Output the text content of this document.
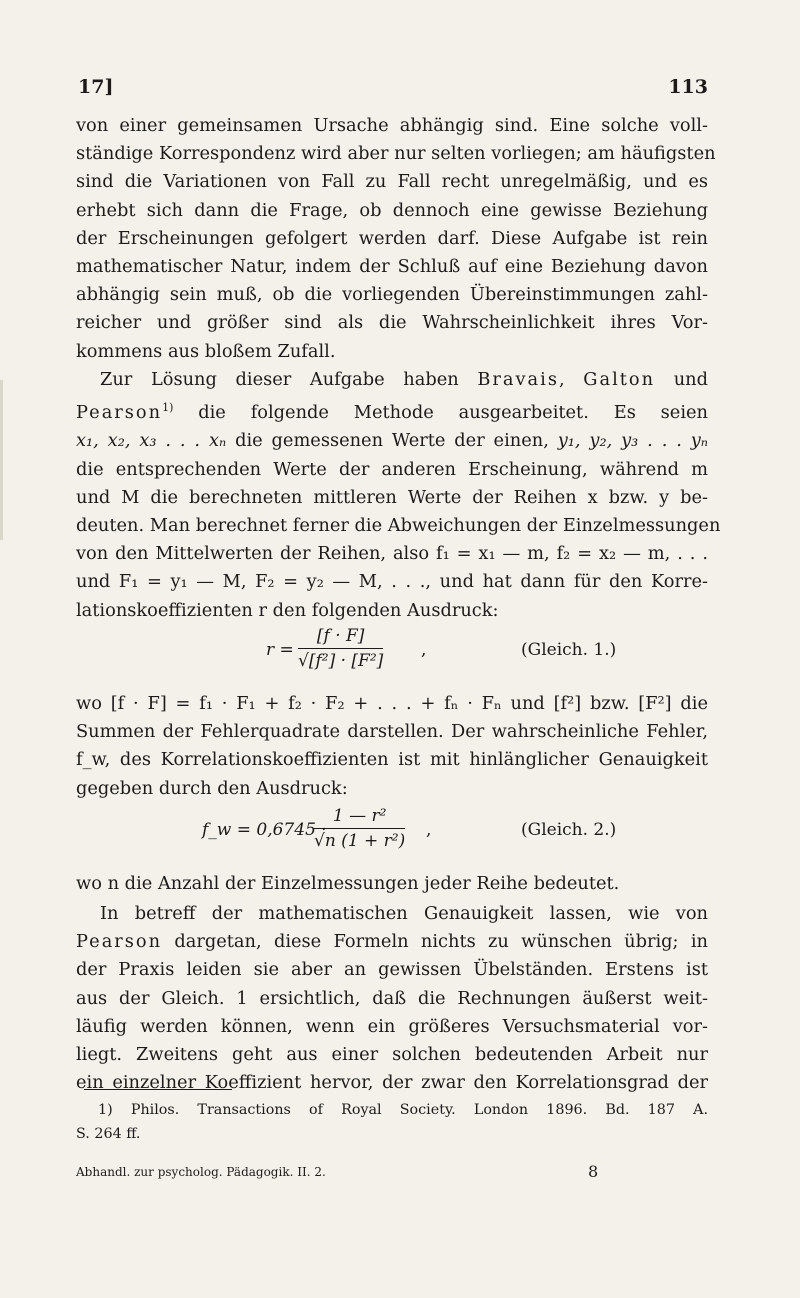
17]	113
von einer gemeinsamen Ursache abhängig sind. Eine solche voll-
ständige Korrespondenz wird aber nur selten vorliegen; am häufigsten
sind die Variationen von Fall zu Fall recht unregelmäßig, und es
erhebt sich dann die Frage, ob dennoch eine gewisse Beziehung
der Erscheinungen gefolgert werden darf. Diese Aufgabe ist rein
mathematischer Natur, indem der Schluß auf eine Beziehung davon
abhängig sein muß, ob die vorliegenden Übereinstimmungen zahl-
reicher und größer sind als die Wahrscheinlichkeit ihres Vor-
kommens aus bloßem Zufall.
Zur Lösung dieser Aufgabe haben Bravais, Galton und
Pearson$^{1)}$ die folgende Methode ausgearbeitet. Es seien
x₁, x₂, x₃ . . . xₙ die gemessenen Werte der einen, y₁, y₂, y₃ . . . yₙ
die entsprechenden Werte der anderen Erscheinung, während m
und M die berechneten mittleren Werte der Reihen x bzw. y be-
deuten. Man berechnet ferner die Abweichungen der Einzelmessungen
von den Mittelwerten der Reihen, also f₁ = x₁ — m, f₂ = x₂ — m, . . .
und F₁ = y₁ — M, F₂ = y₂ — M, . . ., und hat dann für den Korre-
lationskoeffizienten r den folgenden Ausdruck:
$r = \frac{[f \cdot F]}{\text{√[f²] · [F²]}}$ ,	(Gleich. 1.)
wo [f · F] = f₁ · F₁ + f₂ · F₂ + . . . + fₙ · Fₙ und [f²] bzw. [F²] die
Summen der Fehlerquadrate darstellen. Der wahrscheinliche Fehler,
f_w, des Korrelationskoeffizienten ist mit hinlänglicher Genauigkeit
gegeben durch den Ausdruck:
f_w = 0,6745 ·
$\frac{\text{1 — r²}}{\text{√n (1 + r²)}}$ ,	(Gleich. 2.)
wo n die Anzahl der Einzelmessungen jeder Reihe bedeutet.
In betreff der mathematischen Genauigkeit lassen, wie von
Pearson dargetan, diese Formeln nichts zu wünschen übrig; in
der Praxis leiden sie aber an gewissen Übelständen. Erstens ist
aus der Gleich. 1 ersichtlich, daß die Rechnungen äußerst weit-
läufig werden können, wenn ein größeres Versuchsmaterial vor-
liegt. Zweitens geht aus einer solchen bedeutenden Arbeit nur
ein einzelner Koeffizient hervor, der zwar den Korrelationsgrad der
1) Philos. Transactions of Royal Society. London 1896. Bd. 187 A.
S. 264 ff.
Abhandl. zur psycholog. Pädagogik. II. 2.	8
